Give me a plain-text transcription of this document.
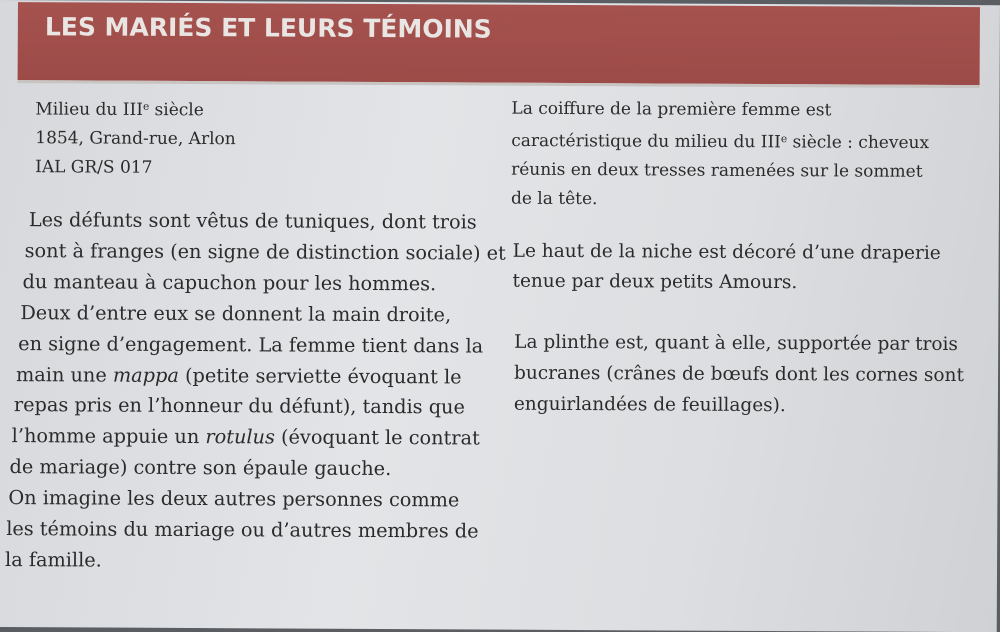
LES MARIÉS ET LEURS TÉMOINS

Milieu du IIIe siècle

1854, Grand-rue, Arlon

IAL GR/S 017

Les défunts sont vêtus de tuniques, dont trois

sont à franges (en signe de distinction sociale) et

du manteau à capuchon pour les hommes.

Deux d’entre eux se donnent la main droite,

en signe d’engagement. La femme tient dans la

main une mappa (petite serviette évoquant le

repas pris en l’honneur du défunt), tandis que

l’homme appuie un rotulus (évoquant le contrat

de mariage) contre son épaule gauche.

On imagine les deux autres personnes comme

les témoins du mariage ou d’autres membres de

la famille.

La coiffure de la première femme est

caractéristique du milieu du IIIe siècle : cheveux

réunis en deux tresses ramenées sur le sommet

de la tête.

Le haut de la niche est décoré d’une draperie

tenue par deux petits Amours.

La plinthe est, quant à elle, supportée par trois

bucranes (crânes de bœufs dont les cornes sont

enguirlandées de feuillages).
